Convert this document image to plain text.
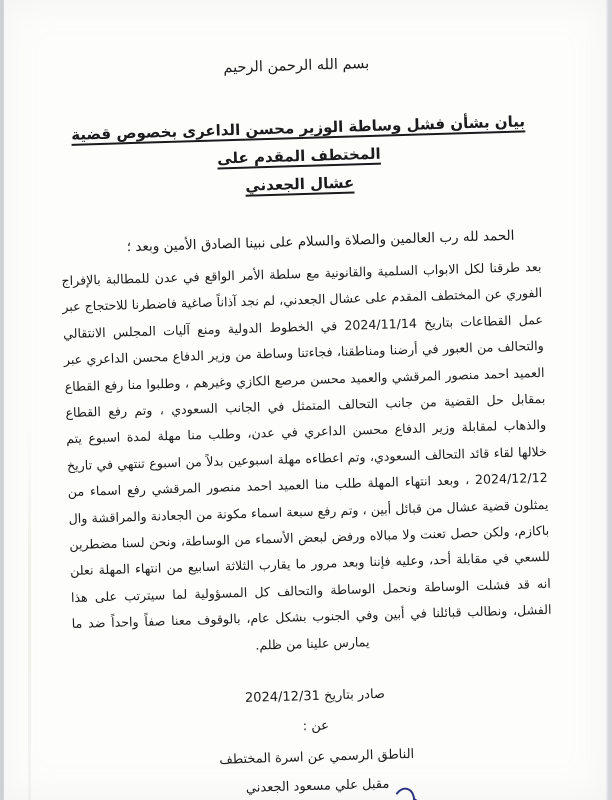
بسم الله الرحمن الرحيم
بيان بشأن فشل وساطة الوزير محسن الداعرى بخصوص قضية المختطف المقدم على
عشال الجعدني
الحمد لله رب العالمين والصلاة والسلام على نبينا الصادق الأمين وبعد ؛

بعد طرقنا لكل الابواب السلمية والقانونية مع سلطة الأمر الواقع في عدن للمطالبة بالإفراج الفوري عن المختطف المقدم على عشال الجعدني، لم نجد آذاناً صاغية فاضطرنا للاحتجاج عبر عمل القطاعات بتاريخ 2024/11/14 في الخطوط الدولية ومنع آليات المجلس الانتقالي والتحالف من العبور في أرضنا ومناطقنا، فجاءتنا وساطة من وزير الدفاع محسن الداعري عبر العميد احمد منصور المرقشي والعميد محسن مرصع الكازي وغيرهم ، وطلبوا منا رفع القطاع بمقابل حل القضية من جانب التحالف المتمثل في الجانب السعودي ، وتم رفع القطاع والذهاب لمقابلة وزير الدفاع محسن الداعري في عدن، وطلب منا مهلة لمدة اسبوع يتم خلالها لقاء قائد التحالف السعودي، وتم اعطاءه مهلة اسبوعين بدلاً من اسبوع تنتهي في تاريخ 2024/12/12 ، وبعد انتهاء المهلة طلب منا العميد احمد منصور المرقشي رفع اسماء من يمثلون قضية عشال من قبائل أبين ، وتم رفع سبعة اسماء مكونة من الجعادنة والمراقشة وال باكازم، ولكن حصل تعنت ولا مبالاه ورفض لبعض الأسماء من الوساطة، ونحن لسنا مضطرين للسعي في مقابلة أحد، وعليه فإننا وبعد مرور ما يقارب الثلاثة اسابيع من انتهاء المهلة نعلن انه قد فشلت الوساطة ونحمل الوساطة والتحالف كل المسؤولية لما سيترتب على هذا الفشل، ونطالب قبائلنا في أبين وفي الجنوب بشكل عام، بالوقوف معنا صفاً واحداً ضد ما يمارس علينا من ظلم.

صادر بتاريخ 2024/12/31
عن :
الناطق الرسمي عن اسرة المختطف
مقبل علي مسعود الجعدني
